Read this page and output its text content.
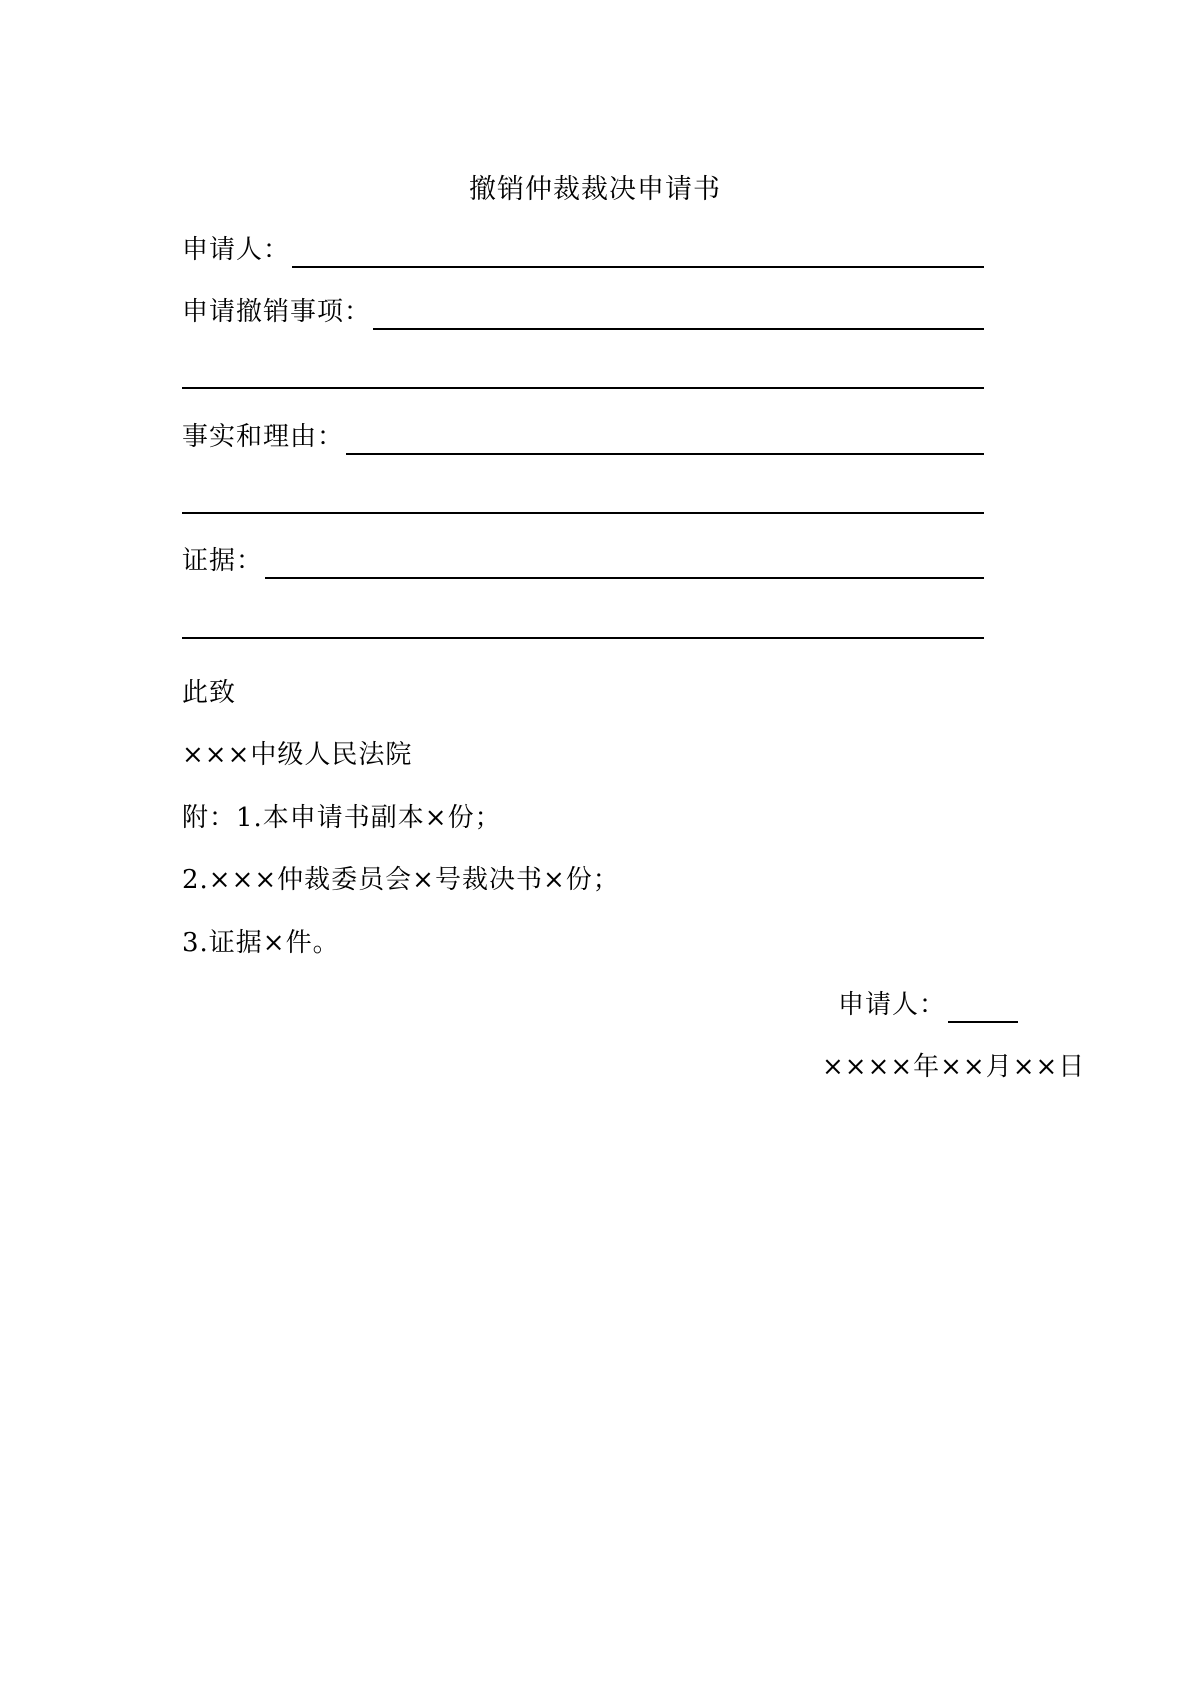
撤销仲裁裁决申请书
申请人：
申请撤销事项：
事实和理由：
证据：
此致
×××中级人民法院
附：1.本申请书副本×份；
2.×××仲裁委员会×号裁决书×份；
3.证据×件。
申请人：
××××年××月××日
